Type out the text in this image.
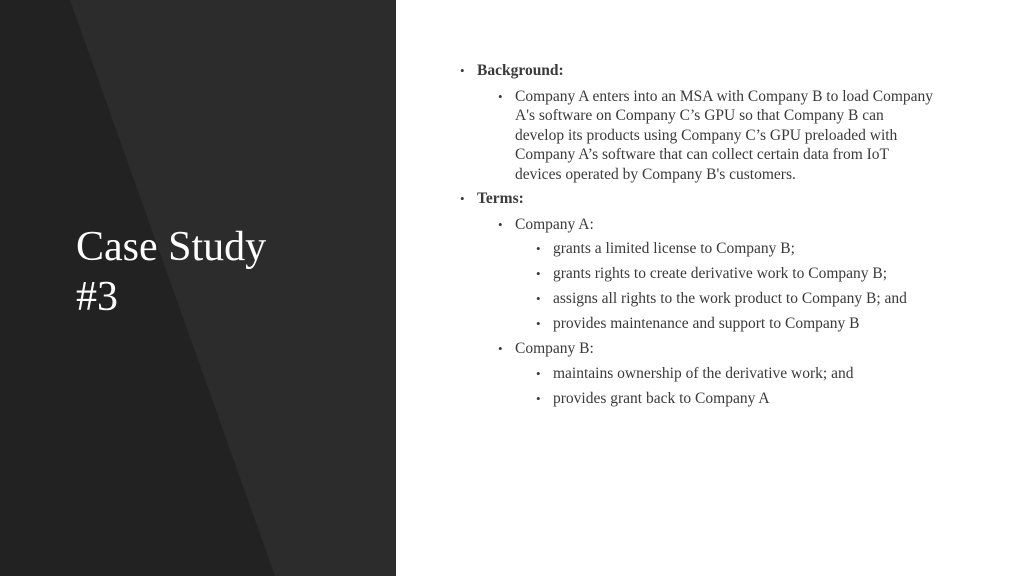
Case Study
#3
• Background:
• Company A enters into an MSA with Company B to load Company A's software on Company C’s GPU so that Company B can develop its products using Company C’s GPU preloaded with Company A’s software that can collect certain data from IoT devices operated by Company B's customers.
• Terms:
• Company A:
• grants a limited license to Company B;
• grants rights to create derivative work to Company B;
• assigns all rights to the work product to Company B; and
• provides maintenance and support to Company B
• Company B:
• maintains ownership of the derivative work; and
• provides grant back to Company A
